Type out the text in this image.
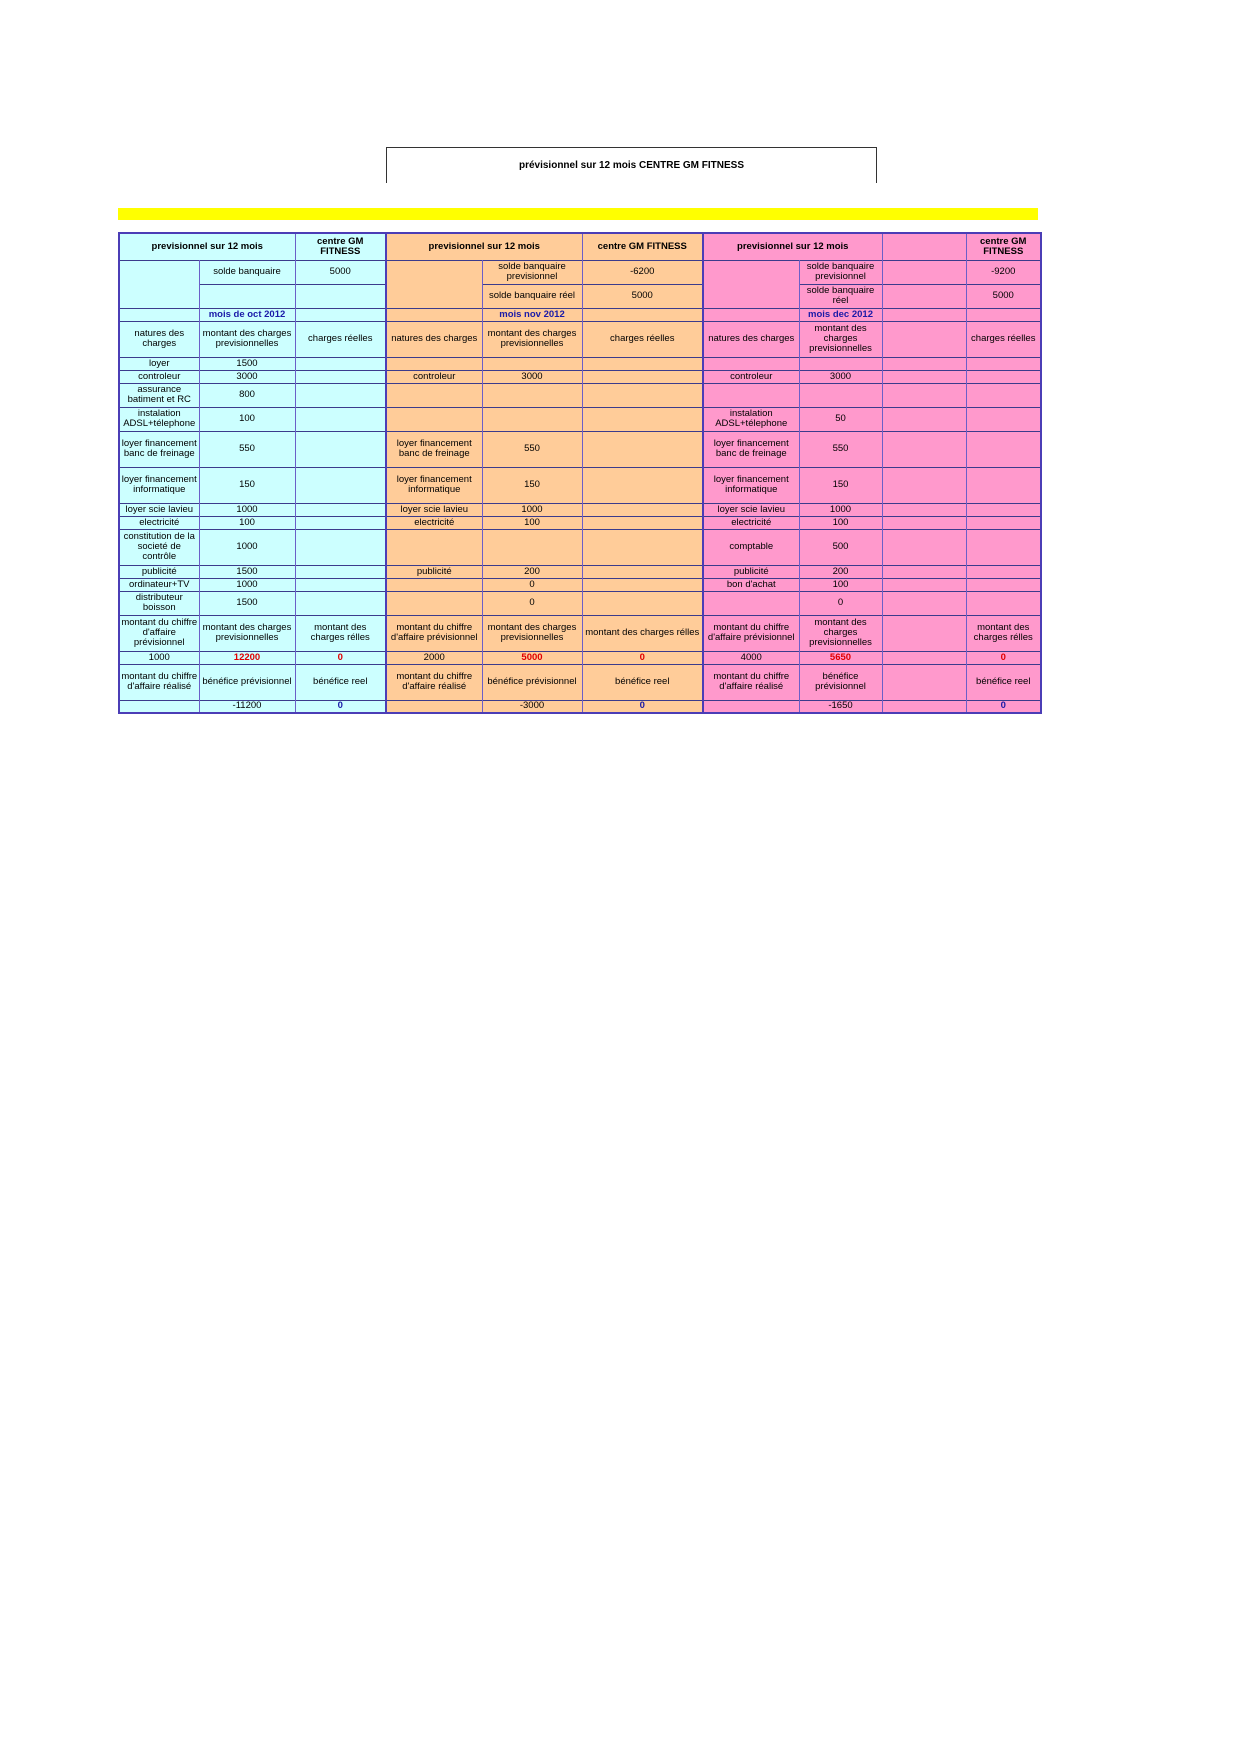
prévisionnel sur 12 mois CENTRE GM FITNESS
previsionnel sur 12 mois		centre GM FITNESS	previsionnel sur 12 mois		centre GM FITNESS	previsionnel sur 12 mois			centre GM FITNESS
	solde banquaire	5000		solde banquaire previsionnel	-6200		solde banquaire previsionnel		-9200
				solde banquaire réel	5000		solde banquaire réel		5000
	mois de oct 2012			mois nov 2012			mois dec 2012		
natures des charges	montant des charges previsionnelles	charges réelles	natures des charges	montant des charges previsionnelles	charges réelles	natures des charges	montant des charges previsionnelles		charges réelles
loyer	1500								
controleur	3000		controleur	3000		controleur	3000		
assurance batiment et RC	800								
instalation ADSL+télephone	100					instalation ADSL+télephone	50		
loyer financement banc de freinage	550		loyer financement banc de freinage	550		loyer financement banc de freinage	550		
loyer financement informatique	150		loyer financement informatique	150		loyer financement informatique	150		
loyer scie lavieu	1000		loyer scie lavieu	1000		loyer scie lavieu	1000		
electricité	100		electricité	100		electricité	100		
constitution de la societé de contrôle	1000					comptable	500		
publicité	1500		publicité	200		publicité	200		
ordinateur+TV	1000			0		bon d'achat	100		
distributeur boisson	1500			0			0		
montant du chiffre d'affaire prévisionnel	montant des charges previsionnelles	montant des charges rélles	montant du chiffre d'affaire prévisionnel	montant des charges previsionnelles	montant des charges rélles	montant du chiffre d'affaire prévisionnel	montant des charges previsionnelles		montant des charges rélles
1000	12200	0	2000	5000	0	4000	5650		0
montant du chiffre d'affaire réalisé	bénéfice prévisionnel	bénéfice reel	montant du chiffre d'affaire réalisé	bénéfice prévisionnel	bénéfice reel	montant du chiffre d'affaire réalisé	bénéfice prévisionnel		bénéfice reel
	-11200	0		-3000	0		-1650		0
